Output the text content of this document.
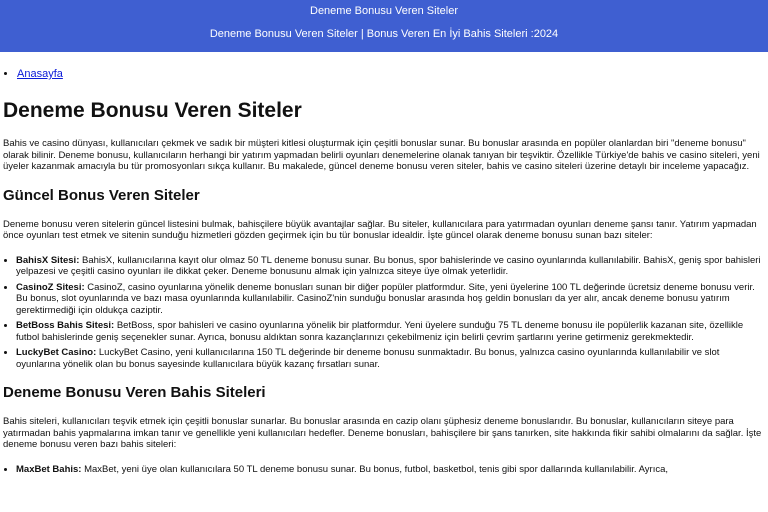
Deneme Bonusu Veren Siteler

Deneme Bonusu Veren Siteler | Bonus Veren En İyi Bahis Siteleri :2024

• Anasayfa
Deneme Bonusu Veren Siteler

Bahis ve casino dünyası, kullanıcıları çekmek ve sadık bir müşteri kitlesi oluşturmak için çeşitli bonuslar sunar. Bu bonuslar arasında en popüler olanlardan biri "deneme bonusu" olarak bilinir. Deneme bonusu, kullanıcıların herhangi bir yatırım yapmadan belirli oyunları denemelerine olanak tanıyan bir teşviktir. Özellikle Türkiye'de bahis ve casino siteleri, yeni üyeler kazanmak amacıyla bu tür promosyonları sıkça kullanır. Bu makalede, güncel deneme bonusu veren siteler, bahis ve casino siteleri üzerine detaylı bir inceleme yapacağız.

Güncel Bonus Veren Siteler

Deneme bonusu veren sitelerin güncel listesini bulmak, bahisçilere büyük avantajlar sağlar. Bu siteler, kullanıcılara para yatırmadan oyunları deneme şansı tanır. Yatırım yapmadan önce oyunları test etmek ve sitenin sunduğu hizmetleri gözden geçirmek için bu tür bonuslar idealdir. İşte güncel olarak deneme bonusu sunan bazı siteler:

• BahisX Sitesi: BahisX, kullanıcılarına kayıt olur olmaz 50 TL deneme bonusu sunar. Bu bonus, spor bahislerinde ve casino oyunlarında kullanılabilir. BahisX, geniş spor bahisleri yelpazesi ve çeşitli casino oyunları ile dikkat çeker. Deneme bonusunu almak için yalnızca siteye üye olmak yeterlidir.
• CasinoZ Sitesi: CasinoZ, casino oyunlarına yönelik deneme bonusları sunan bir diğer popüler platformdur. Site, yeni üyelerine 100 TL değerinde ücretsiz deneme bonusu verir. Bu bonus, slot oyunlarında ve bazı masa oyunlarında kullanılabilir. CasinoZ'nin sunduğu bonuslar arasında hoş geldin bonusları da yer alır, ancak deneme bonusu yatırım gerektirmediği için oldukça caziptir.
• BetBoss Bahis Sitesi: BetBoss, spor bahisleri ve casino oyunlarına yönelik bir platformdur. Yeni üyelere sunduğu 75 TL deneme bonusu ile popülerlik kazanan site, özellikle futbol bahislerinde geniş seçenekler sunar. Ayrıca, bonusu aldıktan sonra kazançlarınızı çekebilmeniz için belirli çevrim şartlarını yerine getirmeniz gerekmektedir.
• LuckyBet Casino: LuckyBet Casino, yeni kullanıcılarına 150 TL değerinde bir deneme bonusu sunmaktadır. Bu bonus, yalnızca casino oyunlarında kullanılabilir ve slot oyunlarına yönelik olan bu bonus sayesinde kullanıcılara büyük kazanç fırsatları sunar.
Deneme Bonusu Veren Bahis Siteleri

Bahis siteleri, kullanıcıları teşvik etmek için çeşitli bonuslar sunarlar. Bu bonuslar arasında en cazip olanı şüphesiz deneme bonuslarıdır. Bu bonuslar, kullanıcıların siteye para yatırmadan bahis yapmalarına imkan tanır ve genellikle yeni kullanıcıları hedefler. Deneme bonusları, bahisçilere bir şans tanırken, site hakkında fikir sahibi olmalarını da sağlar. İşte deneme bonusu veren bazı bahis siteleri:

• MaxBet Bahis: MaxBet, yeni üye olan kullanıcılara 50 TL deneme bonusu sunar. Bu bonus, futbol, basketbol, tenis gibi spor dallarında kullanılabilir. Ayrıca,
